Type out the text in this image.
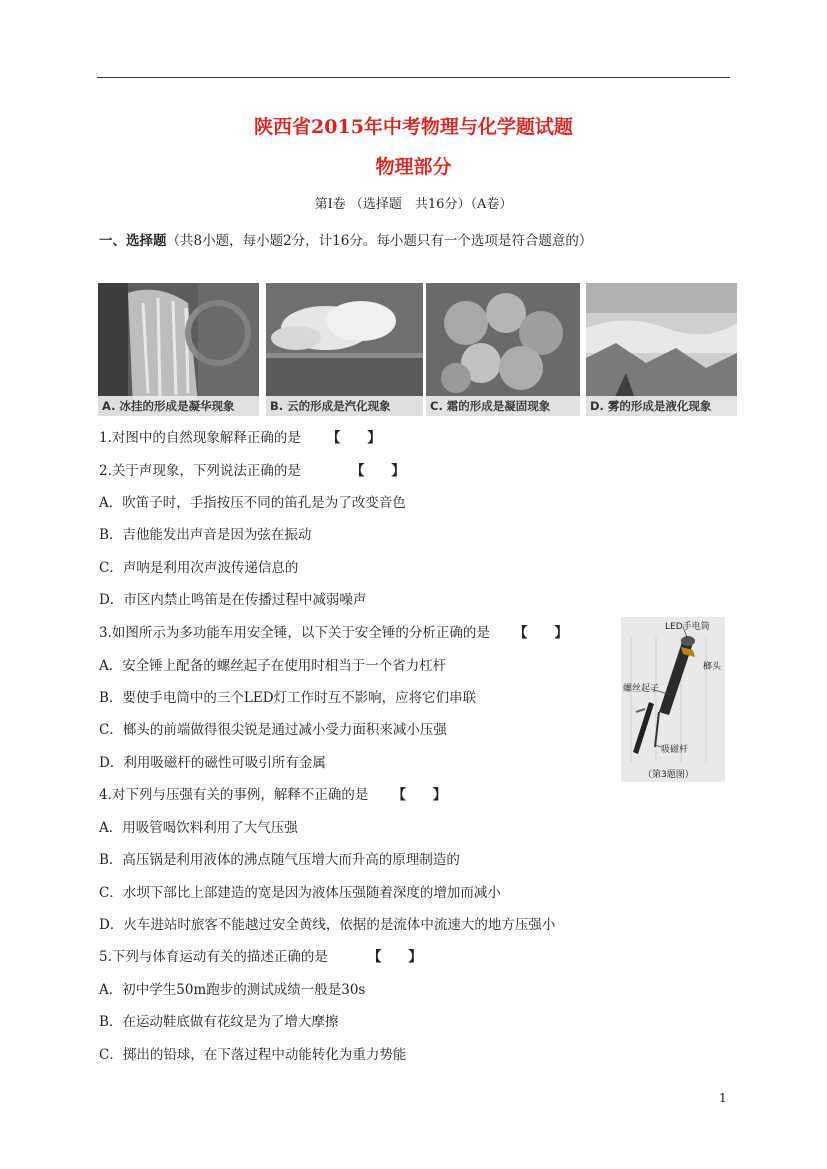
陕西省2015年中考物理与化学题试题
物理部分
第Ⅰ卷 （选择题　共16分）（A卷）
一、选择题（共8小题，每小题2分，计16分。每小题只有一个选项是符合题意的）
A. 冰挂的形成是凝华现象	B. 云的形成是汽化现象	C. 霜的形成是凝固现象	D. 雾的形成是液化现象
1.对图中的自然现象解释正确的是 【　　】
2.关于声现象，下列说法正确的是	【　　】
A．吹笛子时，手指按压不同的笛孔是为了改变音色
B．吉他能发出声音是因为弦在振动
C．声呐是利用次声波传递信息的
D．市区内禁止鸣笛是在传播过程中减弱噪声
3.如图所示为多功能车用安全锤，以下关于安全锤的分析正确的是 【　　】
A．安全锤上配备的螺丝起子在使用时相当于一个省力杠杆
B．要使手电筒中的三个LED灯工作时互不影响，应将它们串联
C．榔头的前端做得很尖锐是通过减小受力面积来减小压强
D．利用吸磁杆的磁性可吸引所有金属
LED手电筒
榔头
螺丝起子
吸磁杆
（第3题图）
4.对下列与压强有关的事例，解释不正确的是 【　　】
A．用吸管喝饮料利用了大气压强
B．高压锅是利用液体的沸点随气压增大而升高的原理制造的
C．水坝下部比上部建造的宽是因为液体压强随着深度的增加而减小
D．火车进站时旅客不能越过安全黄线，依据的是流体中流速大的地方压强小
5.下列与体育运动有关的描述正确的是	【　　】
A．初中学生50m跑步的测试成绩一般是30s
B．在运动鞋底做有花纹是为了增大摩擦
C．掷出的铅球，在下落过程中动能转化为重力势能
1
